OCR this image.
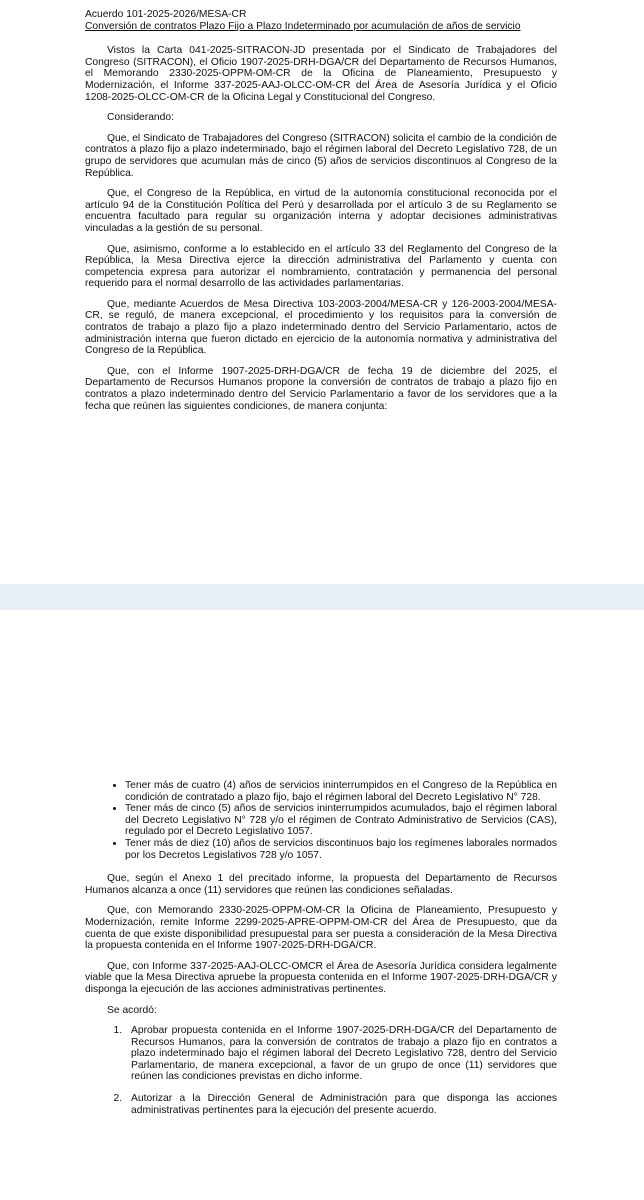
Acuerdo 101-2025-2026/MESA-CR

Conversión de contratos Plazo Fijo a Plazo Indeterminado por acumulación de años de servicio

Vistos la Carta 041-2025-SITRACON-JD presentada por el Sindicato de Trabajadores del Congreso (SITRACON), el Oficio 1907-2025-DRH-DGA/CR del Departamento de Recursos Humanos, el Memorando 2330-2025-OPPM-OM-CR de la Oficina de Planeamiento, Presupuesto y Modernización, el Informe 337-2025-AAJ-OLCC-OM-CR del Área de Asesoría Jurídica y el Oficio 1208-2025-OLCC-OM-CR de la Oficina Legal y Constitucional del Congreso.

Considerando:

Que, el Sindicato de Trabajadores del Congreso (SITRACON) solicita el cambio de la condición de contratos a plazo fijo a plazo indeterminado, bajo el régimen laboral del Decreto Legislativo 728, de un grupo de servidores que acumulan más de cinco (5) años de servicios discontinuos al Congreso de la República.

Que, el Congreso de la República, en virtud de la autonomía constitucional reconocida por el artículo 94 de la Constitución Política del Perú y desarrollada por el artículo 3 de su Reglamento se encuentra facultado para regular su organización interna y adoptar decisiones administrativas vinculadas a la gestión de su personal.

Que, asimismo, conforme a lo establecido en el artículo 33 del Reglamento del Congreso de la República, la Mesa Directiva ejerce la dirección administrativa del Parlamento y cuenta con competencia expresa para autorizar el nombramiento, contratación y permanencia del personal requerido para el normal desarrollo de las actividades parlamentarias.

Que, mediante Acuerdos de Mesa Directiva 103-2003-2004/MESA-CR y 126-2003-2004/MESA-CR, se reguló, de manera excepcional, el procedimiento y los requisitos para la conversión de contratos de trabajo a plazo fijo a plazo indeterminado dentro del Servicio Parlamentario, actos de administración interna que fueron dictado en ejercicio de la autonomía normativa y administrativa del Congreso de la República.

Que, con el Informe 1907-2025-DRH-DGA/CR de fecha 19 de diciembre del 2025, el Departamento de Recursos Humanos propone la conversión de contratos de trabajo a plazo fijo en contratos a plazo indeterminado dentro del Servicio Parlamentario a favor de los servidores que a la fecha que reúnen las siguientes condiciones, de manera conjunta:

• Tener más de cuatro (4) años de servicios ininterrumpidos en el Congreso de la República en condición de contratado a plazo fijo, bajo el régimen laboral del Decreto Legislativo N° 728.
• Tener más de cinco (5) años de servicios ininterrumpidos acumulados, bajo el régimen laboral del Decreto Legislativo N° 728 y/o el régimen de Contrato Administrativo de Servicios (CAS), regulado por el Decreto Legislativo 1057.
• Tener más de diez (10) años de servicios discontinuos bajo los regímenes laborales normados por los Decretos Legislativos 728 y/o 1057.

Que, según el Anexo 1 del precitado informe, la propuesta del Departamento de Recursos Humanos alcanza a once (11) servidores que reúnen las condiciones señaladas.

Que, con Memorando 2330-2025-OPPM-OM-CR la Oficina de Planeamiento, Presupuesto y Modernización, remite Informe 2299-2025-APRE-OPPM-OM-CR del Área de Presupuesto, que da cuenta de que existe disponibilidad presupuestal para ser puesta a consideración de la Mesa Directiva la propuesta contenida en el Informe 1907-2025-DRH-DGA/CR.

Que, con Informe 337-2025-AAJ-OLCC-OMCR el Área de Asesoría Jurídica considera legalmente viable que la Mesa Directiva apruebe la propuesta contenida en el Informe 1907-2025-DRH-DGA/CR y disponga la ejecución de las acciones administrativas pertinentes.

Se acordó:

1. Aprobar propuesta contenida en el Informe 1907-2025-DRH-DGA/CR del Departamento de Recursos Humanos, para la conversión de contratos de trabajo a plazo fijo en contratos a plazo indeterminado bajo el régimen laboral del Decreto Legislativo 728, dentro del Servicio Parlamentario, de manera excepcional, a favor de un grupo de once (11) servidores que reúnen las condiciones previstas en dicho informe.
2. Autorizar a la Dirección General de Administración para que disponga las acciones administrativas pertinentes para la ejecución del presente acuerdo.
